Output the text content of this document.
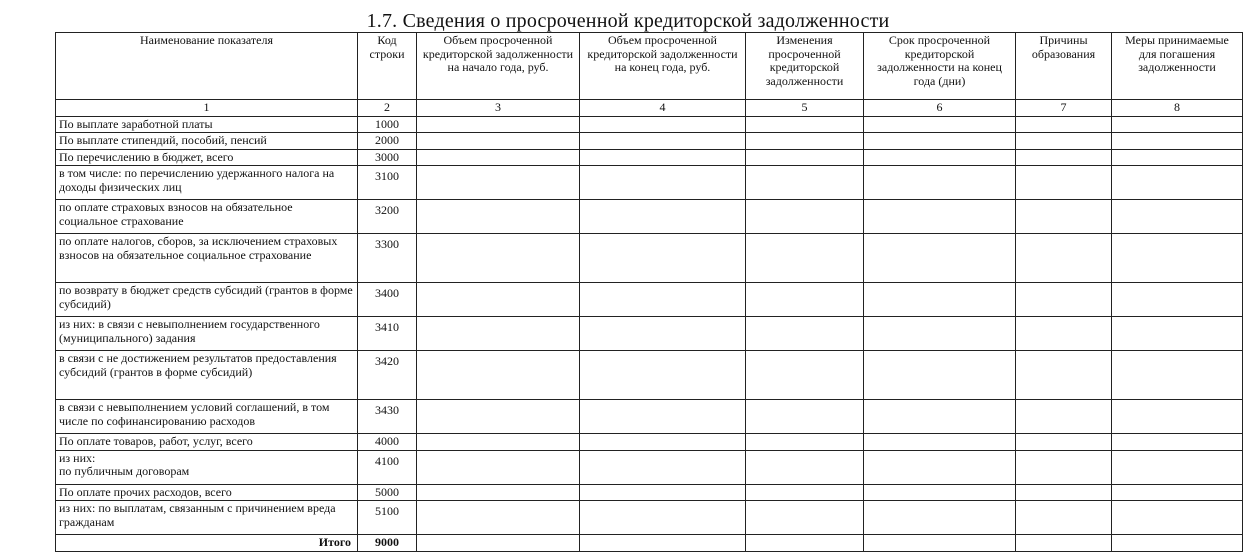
1.7. Сведения о просроченной кредиторской задолженности
Наименование показателя	Код строки	Объем просроченной кредиторской задолженности на начало года, руб.	Объем просроченной кредиторской задолженности на конец года, руб.	Изменения просроченной кредиторской задолженности	Срок просроченной кредиторской задолженности на конец года (дни)	Причины образования	Меры принимаемые для погашения задолженности
1	2	3	4	5	6	7	8
По выплате заработной платы	1000						
По выплате стипендий, пособий, пенсий	2000						
По перечислению в бюджет, всего	3000						
в том числе: по перечислению удержанного налога на доходы физических лиц	3100						
по оплате страховых взносов на обязательное социальное страхование	3200						
по оплате налогов, сборов, за исключением страховых взносов на обязательное социальное страхование	3300						
по возврату в бюджет средств субсидий (грантов в форме субсидий)	3400						
из них: в связи с невыполнением государственного (муниципального) задания	3410						
в связи с не достижением результатов предоставления субсидий (грантов в форме субсидий)	3420						
в связи с невыполнением условий соглашений, в том числе по софинансированию расходов	3430						
По оплате товаров, работ, услуг, всего	4000						
из них:
по публичным договорам	4100						
По оплате прочих расходов, всего	5000						
из них: по выплатам, связанным с причинением вреда гражданам	5100						
Итого	9000						
